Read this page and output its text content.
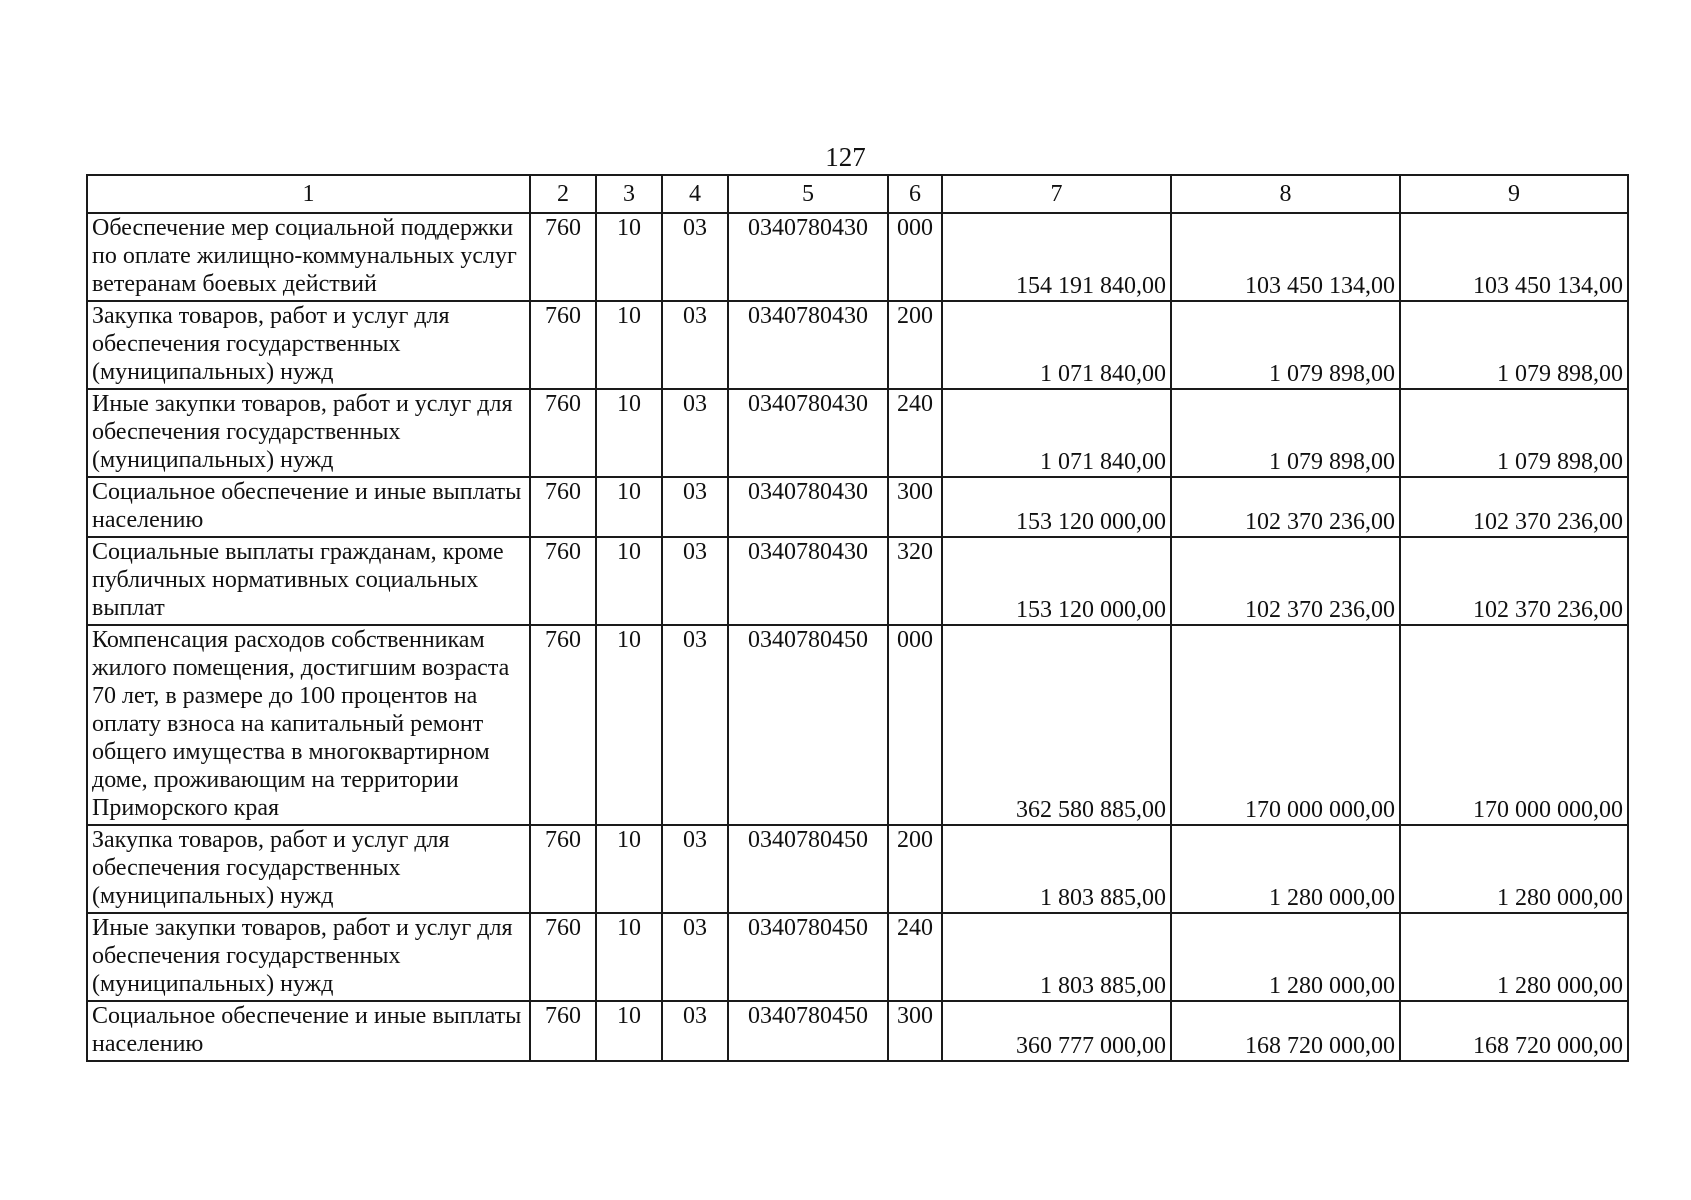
127
1	2	3	4	5	6	7	8	9
Обеспечение мер социальной поддержки по оплате жилищно-коммунальных услуг ветеранам боевых действий	760	10	03	0340780430	000	154 191 840,00	103 450 134,00	103 450 134,00
Закупка товаров, работ и услуг для обеспечения государственных (муниципальных) нужд	760	10	03	0340780430	200	1 071 840,00	1 079 898,00	1 079 898,00
Иные закупки товаров, работ и услуг для обеспечения государственных (муниципальных) нужд	760	10	03	0340780430	240	1 071 840,00	1 079 898,00	1 079 898,00
Социальное обеспечение и иные выплаты населению	760	10	03	0340780430	300	153 120 000,00	102 370 236,00	102 370 236,00
Социальные выплаты гражданам, кроме публичных нормативных социальных выплат	760	10	03	0340780430	320	153 120 000,00	102 370 236,00	102 370 236,00
Компенсация расходов собственникам жилого помещения, достигшим возраста 70 лет, в размере до 100 процентов на оплату взноса на капитальный ремонт общего имущества в многоквартирном доме, проживающим на территории Приморского края	760	10	03	0340780450	000	362 580 885,00	170 000 000,00	170 000 000,00
Закупка товаров, работ и услуг для обеспечения государственных (муниципальных) нужд	760	10	03	0340780450	200	1 803 885,00	1 280 000,00	1 280 000,00
Иные закупки товаров, работ и услуг для обеспечения государственных (муниципальных) нужд	760	10	03	0340780450	240	1 803 885,00	1 280 000,00	1 280 000,00
Социальное обеспечение и иные выплаты населению	760	10	03	0340780450	300	360 777 000,00	168 720 000,00	168 720 000,00
